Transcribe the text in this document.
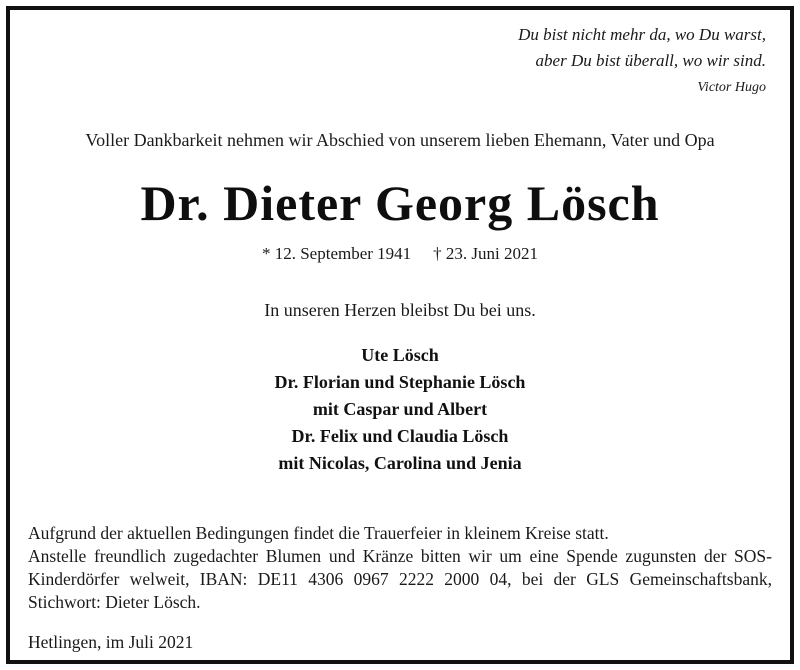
Du bist nicht mehr da, wo Du warst,
aber Du bist überall, wo wir sind.
Victor Hugo
Voller Dankbarkeit nehmen wir Abschied von unserem lieben Ehemann, Vater und Opa
Dr. Dieter Georg Lösch
* 12. September 1941 † 23. Juni 2021
In unseren Herzen bleibst Du bei uns.
Ute Lösch
Dr. Florian und Stephanie Lösch
mit Caspar und Albert
Dr. Felix und Claudia Lösch
mit Nicolas, Carolina und Jenia

Aufgrund der aktuellen Bedingungen findet die Trauerfeier in kleinem Kreise statt.

Anstelle freundlich zugedachter Blumen und Kränze bitten wir um eine Spende zugunsten der SOS-Kinderdörfer welweit, IBAN: DE11 4306 0967 2222 2000 04, bei der GLS Gemeinschaftsbank, Stichwort: Dieter Lösch.

Hetlingen, im Juli 2021
